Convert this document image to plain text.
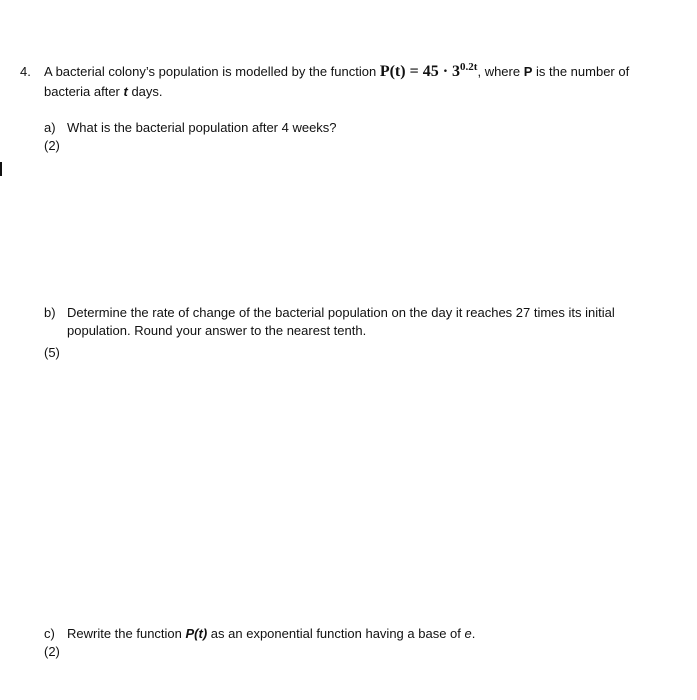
4. A bacterial colony’s population is modelled by the function $P(t) = 45 \cdot 3^{0.2t}$, where P is the number of bacteria after t days.
a) What is the bacterial population after 4 weeks?
(2)
b) Determine the rate of change of the bacterial population on the day it reaches 27 times its initial population. Round your answer to the nearest tenth.
(5)
c) Rewrite the function P(t) as an exponential function having a base of e.
(2)
